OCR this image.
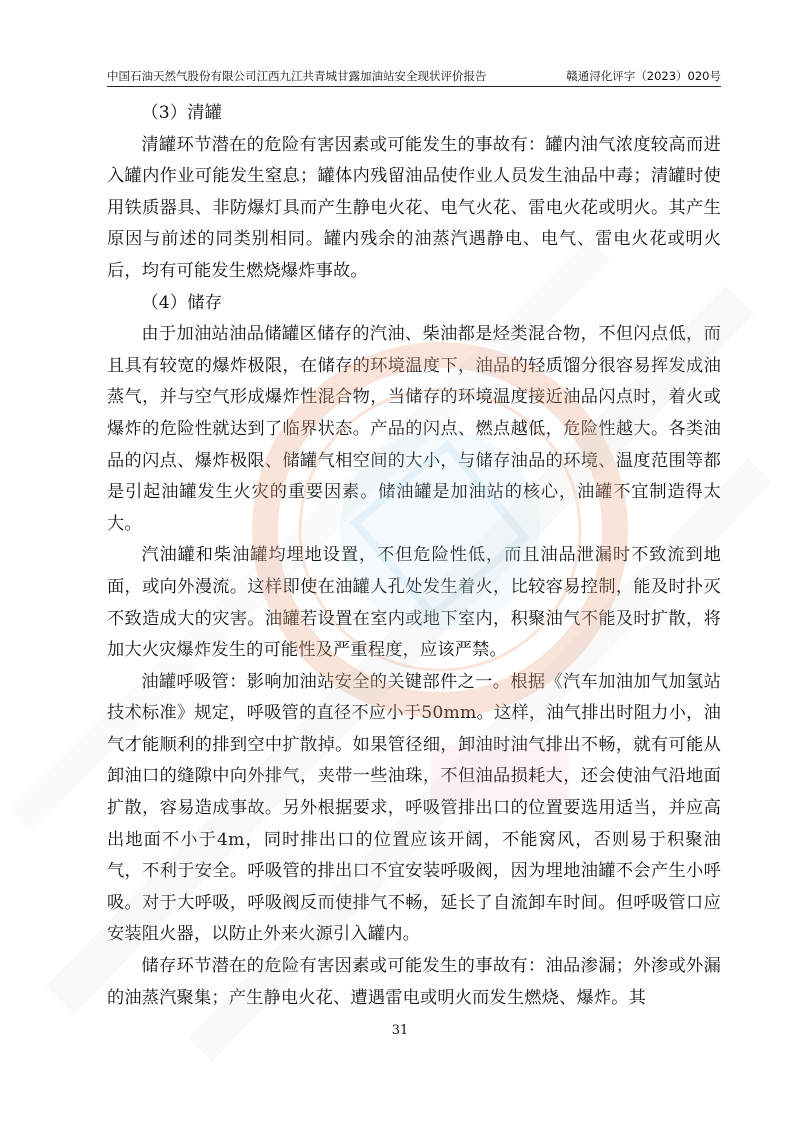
中国石油天然气股份有限公司江西九江共青城甘露加油站安全现状评价报告	赣通浔化评字（2023）020号

（3）清罐

清罐环节潜在的危险有害因素或可能发生的事故有：罐内油气浓度较高而进入罐内作业可能发生窒息；罐体内残留油品使作业人员发生油品中毒；清罐时使用铁质器具、非防爆灯具而产生静电火花、电气火花、雷电火花或明火。其产生原因与前述的同类别相同。罐内残余的油蒸汽遇静电、电气、雷电火花或明火后，均有可能发生燃烧爆炸事故。

（4）储存

由于加油站油品储罐区储存的汽油、柴油都是烃类混合物，不但闪点低，而且具有较宽的爆炸极限，在储存的环境温度下，油品的轻质馏分很容易挥发成油蒸气，并与空气形成爆炸性混合物，当储存的环境温度接近油品闪点时，着火或爆炸的危险性就达到了临界状态。产品的闪点、燃点越低，危险性越大。各类油品的闪点、爆炸极限、储罐气相空间的大小，与储存油品的环境、温度范围等都是引起油罐发生火灾的重要因素。储油罐是加油站的核心，油罐不宜制造得太大。

汽油罐和柴油罐均埋地设置，不但危险性低，而且油品泄漏时不致流到地面，或向外漫流。这样即使在油罐人孔处发生着火，比较容易控制，能及时扑灭不致造成大的灾害。油罐若设置在室内或地下室内，积聚油气不能及时扩散，将加大火灾爆炸发生的可能性及严重程度，应该严禁。

油罐呼吸管：影响加油站安全的关键部件之一。根据《汽车加油加气加氢站技术标准》规定，呼吸管的直径不应小于50mm。这样，油气排出时阻力小，油气才能顺利的排到空中扩散掉。如果管径细，卸油时油气排出不畅，就有可能从卸油口的缝隙中向外排气，夹带一些油珠，不但油品损耗大，还会使油气沿地面扩散，容易造成事故。另外根据要求，呼吸管排出口的位置要选用适当，并应高出地面不小于4m，同时排出口的位置应该开阔，不能窝风，否则易于积聚油气，不利于安全。呼吸管的排出口不宜安装呼吸阀，因为埋地油罐不会产生小呼吸。对于大呼吸，呼吸阀反而使排气不畅，延长了自流卸车时间。但呼吸管口应安装阻火器，以防止外来火源引入罐内。

储存环节潜在的危险有害因素或可能发生的事故有：油品渗漏；外渗或外漏的油蒸汽聚集；产生静电火花、遭遇雷电或明火而发生燃烧、爆炸。其

31
